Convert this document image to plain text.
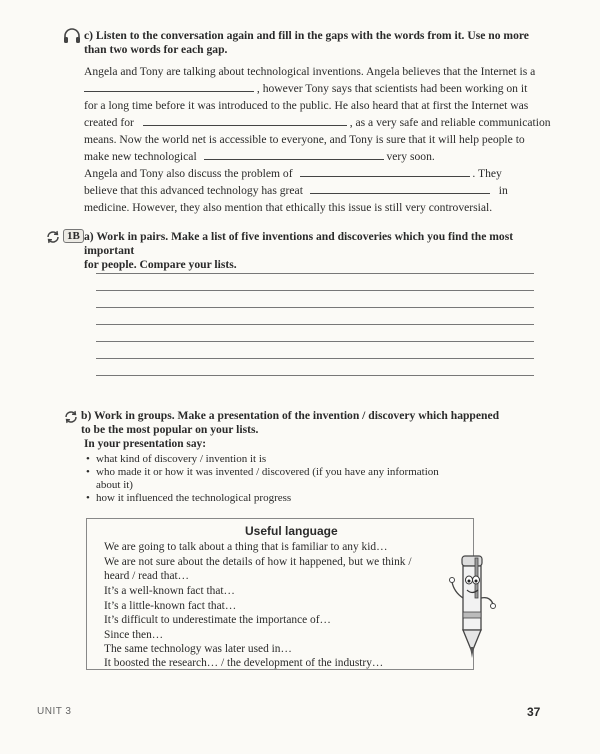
c) Listen to the conversation again and fill in the gaps with the words from it. Use no more
than two words for each gap.
Angela and Tony are talking about technological inventions. Angela believes that the Internet is a
, however Tony says that scientists had been working on it
for a long time before it was introduced to the public. He also heard that at first the Internet was
created for	, as a very safe and reliable communication
means. Now the world net is accessible to everyone, and Tony is sure that it will help people to
make new technological	very soon.
Angela and Tony also discuss the problem of	. They
believe that this advanced technology has great	in
medicine. However, they also mention that ethically this issue is still very controversial.
1B a) Work in pairs. Make a list of five inventions and discoveries which you find the most important
for people. Compare your lists.
b) Work in groups. Make a presentation of the invention / discovery which happened
to be the most popular on your lists.
In your presentation say:
• what kind of discovery / invention it is
• who made it or how it was invented / discovered (if you have any information
about it)
• how it influenced the technological progress
Useful language
We are going to talk about a thing that is familiar to any kid…
We are not sure about the details of how it happened, but we think /
heard / read that…
It’s a well-known fact that…
It’s a little-known fact that…
It’s difficult to underestimate the importance of…
Since then…
The same technology was later used in…
It boosted the research… / the development of the industry…
UNIT 3	37
